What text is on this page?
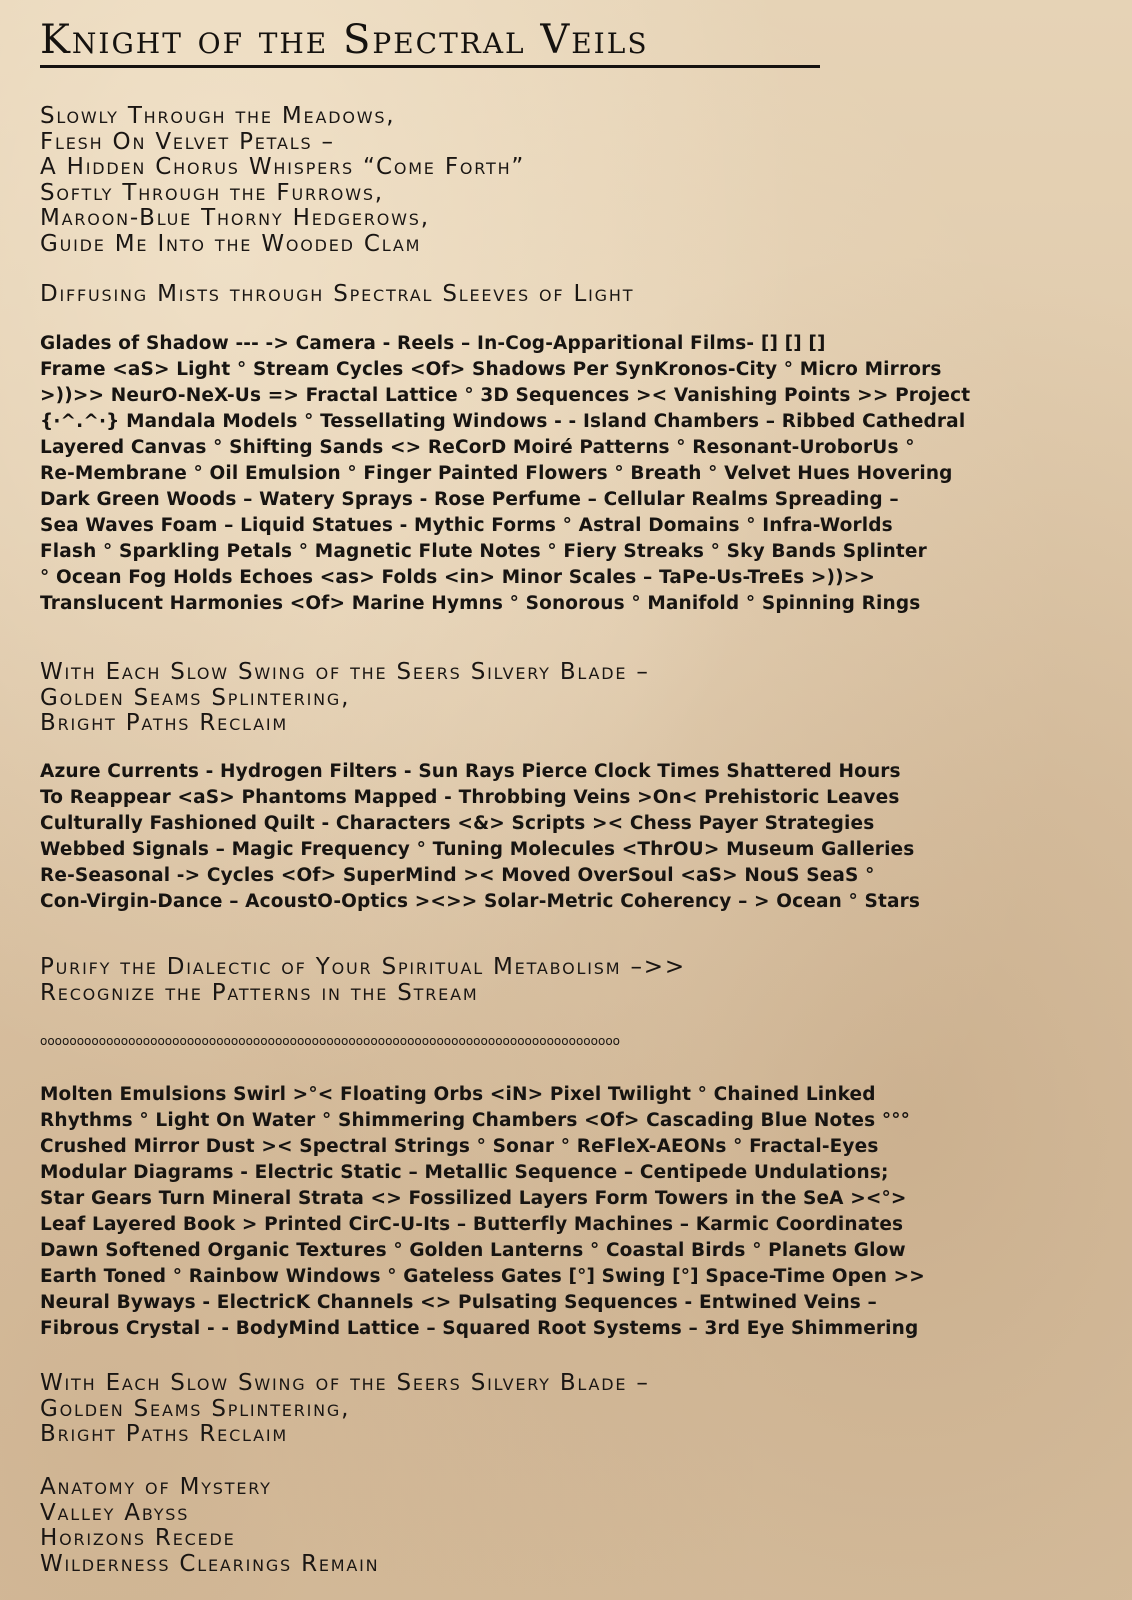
Knight of the Spectral Veils
Slowly Through the Meadows,
Flesh On Velvet Petals –
A Hidden Chorus Whispers “Come Forth”
Softly Through the Furrows,
Maroon-Blue Thorny Hedgerows,
Guide Me Into the Wooded Clam
Diffusing Mists through Spectral Sleeves of Light
Glades of Shadow --- -> Camera - Reels – In-Cog-Apparitional Films- [] [] []
Frame <aS> Light ° Stream Cycles <Of> Shadows Per SynKronos-City ° Micro Mirrors
>))>> NeurO-NeX-Us => Fractal Lattice ° 3D Sequences >< Vanishing Points >> Project
{·^.^·} Mandala Models ° Tessellating Windows - - Island Chambers – Ribbed Cathedral
Layered Canvas ° Shifting Sands <> ReCorD Moiré Patterns ° Resonant-UroborUs °
Re-Membrane ° Oil Emulsion ° Finger Painted Flowers ° Breath ° Velvet Hues Hovering
Dark Green Woods – Watery Sprays - Rose Perfume – Cellular Realms Spreading –
Sea Waves Foam – Liquid Statues - Mythic Forms ° Astral Domains ° Infra-Worlds
Flash ° Sparkling Petals ° Magnetic Flute Notes ° Fiery Streaks ° Sky Bands Splinter
° Ocean Fog Holds Echoes <as> Folds <in> Minor Scales – TaPe-Us-TreEs >))>>
Translucent Harmonies <Of> Marine Hymns ° Sonorous ° Manifold ° Spinning Rings
With Each Slow Swing of the Seers Silvery Blade –
Golden Seams Splintering,
Bright Paths Reclaim
Azure Currents - Hydrogen Filters - Sun Rays Pierce Clock Times Shattered Hours
To Reappear <aS> Phantoms Mapped - Throbbing Veins >On< Prehistoric Leaves
Culturally Fashioned Quilt - Characters <&> Scripts >< Chess Payer Strategies
Webbed Signals – Magic Frequency ° Tuning Molecules <ThrOU> Museum Galleries
Re-Seasonal -> Cycles <Of> SuperMind >< Moved OverSoul <aS> NouS SeaS °
Con-Virgin-Dance – AcoustO-Optics ><>> Solar-Metric Coherency – > Ocean ° Stars
Purify the Dialectic of Your Spiritual Metabolism –>>
Recognize the Patterns in the Stream
ooooooooooooooooooooooooooooooooooooooooooooooooooooooooooooooooooooooooooooooo
Molten Emulsions Swirl >°< Floating Orbs <iN> Pixel Twilight ° Chained Linked
Rhythms ° Light On Water ° Shimmering Chambers <Of> Cascading Blue Notes °°°
Crushed Mirror Dust >< Spectral Strings ° Sonar ° ReFleX-AEONs ° Fractal-Eyes
Modular Diagrams - Electric Static – Metallic Sequence – Centipede Undulations;
Star Gears Turn Mineral Strata <> Fossilized Layers Form Towers in the SeA ><°>
Leaf Layered Book > Printed CirC-U-Its – Butterfly Machines – Karmic Coordinates
Dawn Softened Organic Textures ° Golden Lanterns ° Coastal Birds ° Planets Glow
Earth Toned ° Rainbow Windows ° Gateless Gates [°] Swing [°] Space-Time Open >>
Neural Byways - ElectricK Channels <> Pulsating Sequences - Entwined Veins –
Fibrous Crystal - - BodyMind Lattice – Squared Root Systems – 3rd Eye Shimmering
With Each Slow Swing of the Seers Silvery Blade –
Golden Seams Splintering,
Bright Paths Reclaim
Anatomy of Mystery
Valley Abyss
Horizons Recede
Wilderness Clearings Remain
